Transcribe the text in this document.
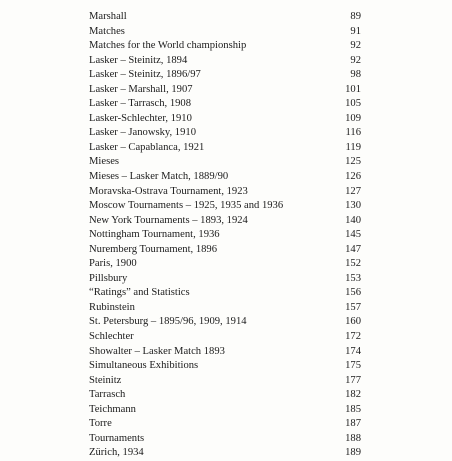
Marshall	89
Matches	91
Matches for the World championship	92
Lasker – Steinitz, 1894	92
Lasker – Steinitz, 1896/97	98
Lasker – Marshall, 1907	101
Lasker – Tarrasch, 1908	105
Lasker-Schlechter, 1910	109
Lasker – Janowsky, 1910	116
Lasker – Capablanca, 1921	119
Mieses	125
Mieses – Lasker Match, 1889/90	126
Moravska-Ostrava Tournament, 1923	127
Moscow Tournaments – 1925, 1935 and 1936	130
New York Tournaments – 1893, 1924	140
Nottingham Tournament, 1936	145
Nuremberg Tournament, 1896	147
Paris, 1900	152
Pillsbury	153
“Ratings” and Statistics	156
Rubinstein	157
St. Petersburg – 1895/96, 1909, 1914	160
Schlechter	172
Showalter – Lasker Match 1893	174
Simultaneous Exhibitions	175
Steinitz	177
Tarrasch	182
Teichmann	185
Torre	187
Tournaments	188
Zürich, 1934	189
